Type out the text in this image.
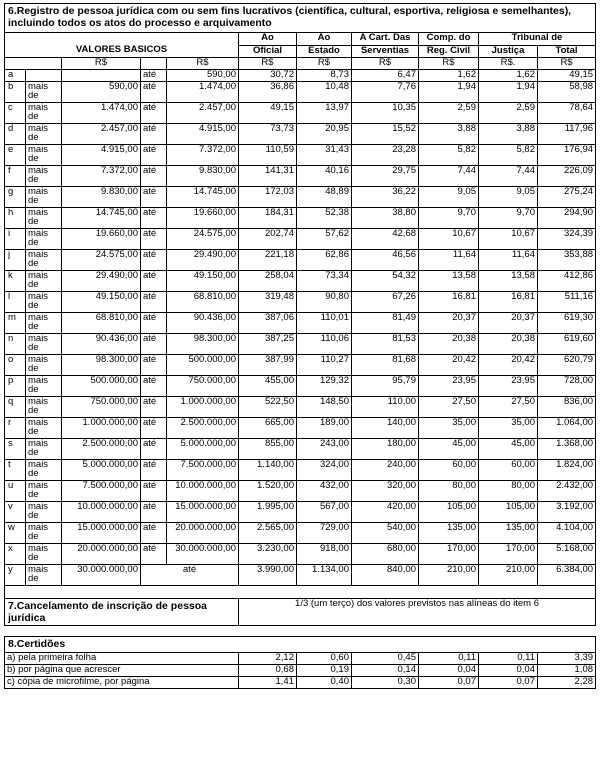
6.Registro de pessoa jurídica com ou sem fins lucrativos (científica, cultural, esportiva, religiosa e semelhantes), incluindo todos os atos do processo e arquivamento										
					Ao	Ao	A Cart. Das	Comp. do	Tribunal de	
VALORES BÁSICOS					Oficial	Estado	Serventias	Reg. Civil	Justiça	Total
		R$		R$	R$	R$	R$	R$	R$.	R$
a			até	590,00	30,72	8,73	6,47	1,62	1,62	49,15
b	mais de	590,00	até	1.474,00	36,86	10,48	7,76	1,94	1,94	58,98
c	mais de	1.474,00	até	2.457,00	49,15	13,97	10,35	2,59	2,59	78,64
d	mais de	2.457,00	até	4.915,00	73,73	20,95	15,52	3,88	3,88	117,96
e	mais de	4.915,00	até	7.372,00	110,59	31,43	23,28	5,82	5,82	176,94
f	mais de	7.372,00	até	9.830,00	141,31	40,16	29,75	7,44	7,44	226,09
g	mais de	9.830,00	até	14.745,00	172,03	48,89	36,22	9,05	9,05	275,24
h	mais de	14.745,00	até	19.660,00	184,31	52,38	38,80	9,70	9,70	294,90
i	mais de	19.660,00	até	24.575,00	202,74	57,62	42,68	10,67	10,67	324,39
j	mais de	24.575,00	até	29.490,00	221,18	62,86	46,56	11,64	11,64	353,88
k	mais de	29.490,00	até	49.150,00	258,04	73,34	54,32	13,58	13,58	412,86
l	mais de	49.150,00	até	68.810,00	319,48	90,80	67,26	16,81	16,81	511,16
m	mais de	68.810,00	até	90.436,00	387,06	110,01	81,49	20,37	20,37	619,30
n	mais de	90.436,00	até	98.300,00	387,25	110,06	81,53	20,38	20,38	619,60
o	mais de	98.300,00	até	500.000,00	387,99	110,27	81,68	20,42	20,42	620,79
p	mais de	500.000,00	até	750.000,00	455,00	129,32	95,79	23,95	23,95	728,00
q	mais de	750.000,00	até	1.000.000,00	522,50	148,50	110,00	27,50	27,50	836,00
r	mais de	1.000.000,00	até	2.500.000,00	665,00	189,00	140,00	35,00	35,00	1.064,00
s	mais de	2.500.000,00	até	5.000.000,00	855,00	243,00	180,00	45,00	45,00	1.368,00
t	mais de	5.000.000,00	até	7.500.000,00	1.140,00	324,00	240,00	60,00	60,00	1.824,00
u	mais de	7.500.000,00	até	10.000.000,00	1.520,00	432,00	320,00	80,00	80,00	2.432,00
v	mais de	10.000.000,00	até	15.000.000,00	1.995,00	567,00	420,00	105,00	105,00	3.192,00
w	mais de	15.000.000,00	até	20.000.000,00	2.565,00	729,00	540,00	135,00	135,00	4.104,00
x	mais de	20.000.000,00	até	30.000.000,00	3.230,00	918,00	680,00	170,00	170,00	5.168,00
y	mais de	30.000.000,00	até		3.990,00	1.134,00	840,00	210,00	210,00	6.384,00

7.Cancelamento de inscrição de pessoa jurídica					1/3 (um terço) dos valores previstos nas alíneas do item 6					

8.Certidões										
a) pela primeira folha					2,12	0,60	0,45	0,11	0,11	3,39
b) por página que acrescer					0,68	0,19	0,14	0,04	0,04	1,08
c) cópia de microfilme, por página					1,41	0,40	0,30	0,07	0,07	2,28
